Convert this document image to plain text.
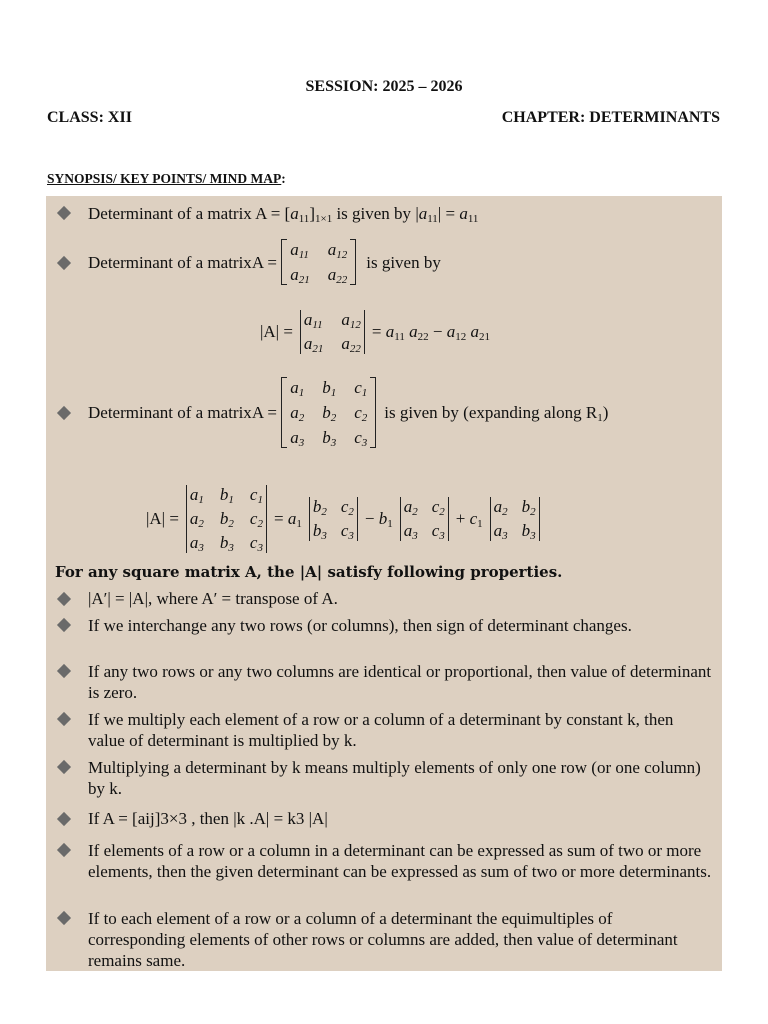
SESSION: 2025 – 2026
CLASS: XII	CHAPTER: DETERMINANTS
SYNOPSIS/ KEY POINTS/ MIND MAP:
Determinant of a matrix $A = [a_{11}]_{1\times 1}$ is given by $|a_{11}| = a_{11}$
Determinant of a matrix A =
$a_{11}$ $a_{12}$
$a_{21}$ $a_{22}$
is given by
|A| =
$a_{11}$ $a_{12}$
$a_{21}$ $a_{22}$
= $a_{11}$ $a_{22} - a_{12}$ $a_{21}$
Determinant of a matrix A =
$a_1$ $b_1$ $c_1$
$a_2$ $b_2$ $c_2$
$a_3$ $b_3$ $c_3$
is given by (expanding along $R_1$)
|A| =
$a_1$ $b_1$ $c_1$
$a_2$ $b_2$ $c_2$
$a_3$ $b_3$ $c_3$
= $a_1$
$b_2$ $c_2$
$b_3$ $c_3$
− $b_1$
$a_2$ $c_2$
$a_3$ $c_3$
+ $c_1$
$a_2$ $b_2$
$a_3$ $b_3$
For any square matrix A, the |A| satisfy following properties.
|A′| = |A|, where A′ = transpose of A.
If we interchange any two rows (or columns), then sign of determinant changes.
If any two rows or any two columns are identical or proportional, then value of determinant is zero.
If we multiply each element of a row or a column of a determinant by constant k, then value of determinant is multiplied by k.
Multiplying a determinant by k means multiply elements of only one row (or one column) by k.
If A = [aij]3×3 , then |k .A| = k3 |A|
If elements of a row or a column in a determinant can be expressed as sum of two or more elements, then the given determinant can be expressed as sum of two or more determinants.
If to each element of a row or a column of a determinant the equimultiples of corresponding elements of other rows or columns are added, then value of determinant remains same.
